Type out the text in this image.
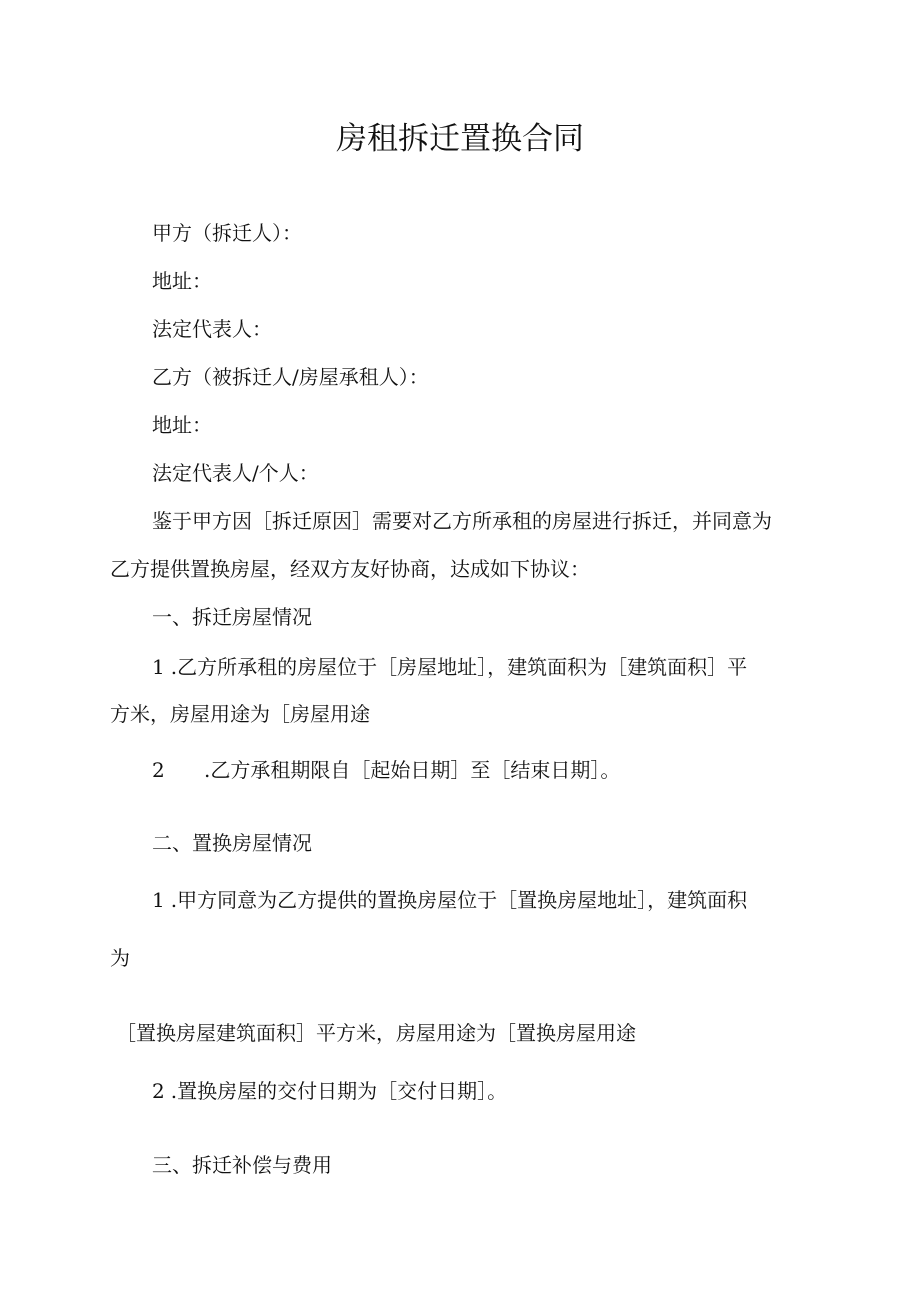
房租拆迁置换合同
甲方（拆迁人）：
地址：
法定代表人：
乙方（被拆迁人/房屋承租人）：
地址：
法定代表人/个人：
鉴于甲方因［拆迁原因］需要对乙方所承租的房屋进行拆迁，并同意为
乙方提供置换房屋，经双方友好协商，达成如下协议：
一、拆迁房屋情况
1 .乙方所承租的房屋位于［房屋地址］，建筑面积为［建筑面积］平
方米，房屋用途为［房屋用途
2 .乙方承租期限自［起始日期］至［结束日期］。
二、置换房屋情况
1 .甲方同意为乙方提供的置换房屋位于［置换房屋地址］，建筑面积
为
［置换房屋建筑面积］平方米，房屋用途为［置换房屋用途
2 .置换房屋的交付日期为［交付日期］。
三、拆迁补偿与费用
